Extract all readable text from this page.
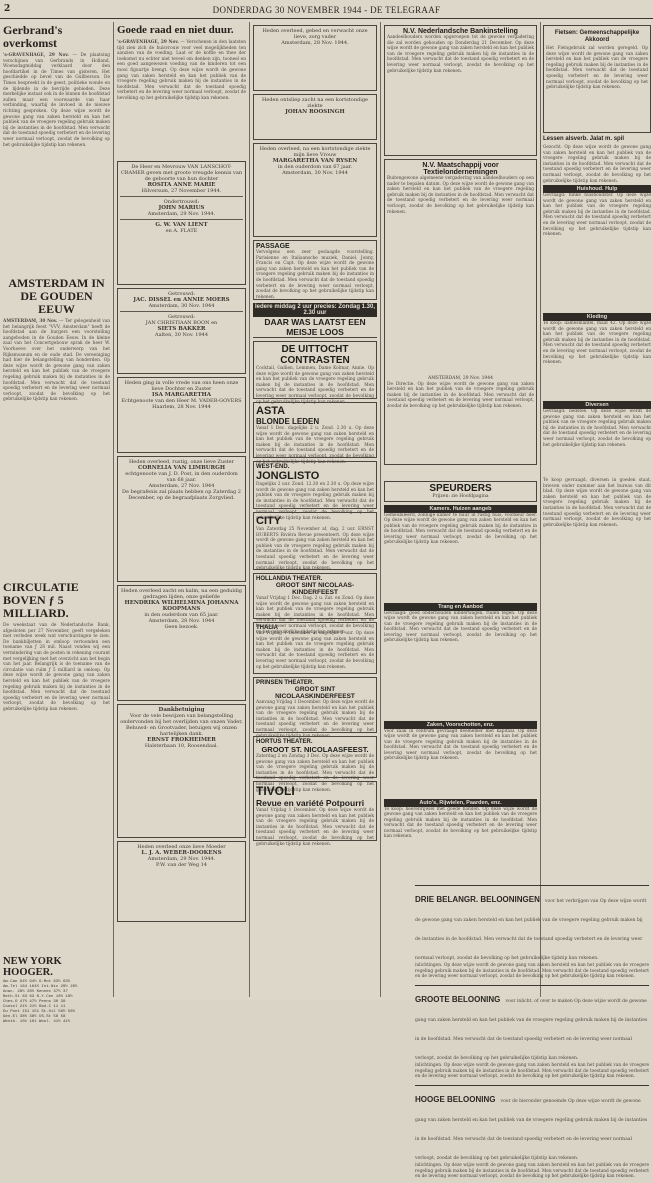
2	DONDERDAG 30 NOVEMBER 1944 - DE TELEGRAAF
Gerbrand's overkomst

's-GRAVENHAGE, 29 Nov. — De plaatsing verschijnen van Gerbrands in Holland, Woensdagmiddag verklaard door den hoofdartikel in de Times van gisteren. Het geschiedde op bevel van de Gullberson. De Times bespreekt in de geest, politieke wonde en de lijdende in de bevrijde gebieden. Deze merkelijke instaat ook in de binnen de hoofdstad zullen maar een voorwaarde van haar verbinding, waarbij de invloed in de nieuwe richting gesproken. Op deze wijze wordt de gewone gang van zaken hersteld en kan het publiek van de vroegere regeling gebruik maken bij de instanties in de hoofdstad. Men verwacht dat de toestand spoedig verbetert en de levering weer normaal verloopt, zoodat de bevolking op het gebruikelijke tijdstip kan rekenen.

AMSTERDAM IN DE GOUDEN EEUW

AMSTERDAM, 30 Nov. — Ter gelegenheid van het belangrijk feest "VVV, Amsterdam" heeft de hoofdstad aan de burgers een voorstelling aangeboden in de Gouden Eeuw. In de kleine zaal van het Concertgebouw sprak de heer W. Voorhoeve over het onderwerp van het Rijksmuseum en de oude stad. De vereeniging had hier de belangstelling van honderden. Op deze wijze wordt de gewone gang van zaken hersteld en kan het publiek van de vroegere regeling gebruik maken bij de instanties in de hoofdstad. Men verwacht dat de toestand spoedig verbetert en de levering weer normaal verloopt, zoodat de bevolking op het gebruikelijke tijdstip kan rekenen.

CIRCULATIE BOVEN ƒ 5 MILLIARD.

De weekstaat van de Nederlandsche Bank, afgesloten per 27 November, geeft vergeleken met verleden week wat verschuivingen te zien. De bankbiljetten in omloop vertoonden een toename van ƒ 28 mil. Naast vonden wij een vermindering van de posten in rekening courant met vergelijking met het overzicht aan het begin van het jaar. Belangrijk is de toename van de circulatie van ruim ƒ 5 milliard in omloop. Op deze wijze wordt de gewone gang van zaken hersteld en kan het publiek van de vroegere regeling gebruik maken bij de instanties in de hoofdstad. Men verwacht dat de toestand spoedig verbetert en de levering weer normaal verloopt, zoodat de bevolking op het gebruikelijke tijdstip kan rekenen.

NEW YORK HOOGER.
Am.Can 94½ 94½ G.Mot 63½ 63½
Am.Tel 164 164½ Int.Nic 29½ 29½
Anac. 28½ 28½ Kennec 37½ 37
Beth.St 63 63 N.Y.Cen 18½ 18½
Ches.O 47½ 47½ Penns 30 30
Consol 21½ 21½ Rad.C 11 11
Du Pont 151 151 St.Oil 56½ 56½
Gen.El 38½ 38½ US.St 58 58
Westh. 101 101 Wool. 41½ 41½
Goede raad en niet duur.

's-GRAVENHAGE, 29 Nov. — Verschenen in den laatsten tijd zien zich de huisvrouw voor veel mogelijkheden ten aanzien van de voeding. Laat er de koffie en thee der toekomst nu echter niet teveel om denken zijn, tooneel en een goed aangewezen voeding van de kinderen tot een mooi figuurtje brengt. Op deze wijze wordt de gewone gang van zaken hersteld en kan het publiek van de vroegere regeling gebruik maken bij de instanties in de hoofdstad. Men verwacht dat de toestand spoedig verbetert en de levering weer normaal verloopt, zoodat de bevolking op het gebruikelijke tijdstip kan rekenen.

De Heer en Mevrouw VAN LANSCHOT-CRAMER geven met groote vreugde kennis van de geboorte van hun dochter
ROSITA ANNE MARIE
Hilversum, 27 November 1944.
Ondertrouwd:
JOHN MARIUS
Amsterdam, 29 Nov. 1944.
G. W. VAN LIENT
en A. FLATE
Getrouwd:
JAC. DISSEL en ANNIE MOERS
Amsterdam, 30 Nov. 1944
Getrouwd:
JAN CHRISTIAAN BOON en
SIETS BAKKER
Aalten, 30 Nov. 1944
Heden ging in volle vrede van ons heen onze lieve Dochter en Zuster
ISA MARGARETHA
Echtgenoote van den Heer M. VADER-GOVERS
Haarlem, 28 Nov. 1944
Heden overleed, rustig, onze lieve Zuster
CORNELIA VAN LIMBURGH
echtgenoote van J. D. Post, in den ouderdom van 68 jaar.
Amsterdam, 27 Nov. 1944
De begrafenis zal plaats hebben op Zaterdag 2 December, op de begraafplaats Zorgvlied.
Heden overleed zacht en kalm, na een geduldig gedragen lijden, onze geliefde
HENDRIKA WILHELMINA JOHANNA KOOPMANS
in den ouderdom van 65 jaar.
Amsterdam, 28 Nov. 1944
Geen bezoek.
Dankbetuiging
Voor de vele bewijzen van belangstelling ondervonden bij het overlijden van onzen Vader, Behuwd- en Grootvader, betuigen wij onzen hartelijken dank.
ERNST FROKHEIMER
Halsterbaan 10, Roosendaal.
Heden overleed onze lieve Moeder
L. J. A. WEBER-DOOKENS
Amsterdam, 29 Nov. 1944.
P.W. van der Weg 14
Heden overleed, gebed en verwacht onze lieve, zorg vader
Amsterdam, 28 Nov. 1944.
Heden ontsliep zacht na een kortstondige ziekte
JOHAN ROOSINGH
Heden overleed, na een kortstondige ziekte mijn lieve Vrouw
MARGARETHA VAN RYSEN
in den ouderdom van 67 jaar.
Amsterdam, 30 Nov. 1944
PASSAGE

Vervolgens een zeer geslaagde voorstelling. Parisienne en Italiaansche muziek, Daniel, Jonny, Francis en Capt. Op deze wijze wordt de gewone gang van zaken hersteld en kan het publiek van de vroegere regeling gebruik maken bij de instanties in de hoofdstad. Men verwacht dat de toestand spoedig verbetert en de levering weer normaal verloopt, zoodat de bevolking op het gebruikelijke tijdstip kan rekenen.

Iedere middag 2 uur precies: Zondag 1.30, 2.30 uur
DAAR WAS LAATST EEN MEISJE LOOS
DE UITTOCHT
CONTRASTEN

Cocktail, Gallien, Lemmen, Dame Kolmar, Annie. Op deze wijze wordt de gewone gang van zaken hersteld en kan het publiek van de vroegere regeling gebruik maken bij de instanties in de hoofdstad. Men verwacht dat de toestand spoedig verbetert en de levering weer normaal verloopt, zoodat de bevolking op het gebruikelijke tijdstip kan rekenen.

ASTA
BLONDE LEDEN

Vanaf 1 Dec. dagelijks 2 u. Zond. 2.30 u. Op deze wijze wordt de gewone gang van zaken hersteld en kan het publiek van de vroegere regeling gebruik maken bij de instanties in de hoofdstad. Men verwacht dat de toestand spoedig verbetert en de levering weer normaal verloopt, zoodat de bevolking op het gebruikelijke tijdstip kan rekenen.

WEST-END.
JONGLISTO

Dagelijks 2 uur. Zond. 12.30 en 2.30 u. Op deze wijze wordt de gewone gang van zaken hersteld en kan het publiek van de vroegere regeling gebruik maken bij de instanties in de hoofdstad. Men verwacht dat de toestand spoedig verbetert en de levering weer normaal verloopt, zoodat de bevolking op het gebruikelijke tijdstip kan rekenen.

CITY

Van Zaterdag 25 November af, dag. 2 uur. ERNST HUBERTS Rivièra Revue presenteert. Op deze wijze wordt de gewone gang van zaken hersteld en kan het publiek van de vroegere regeling gebruik maken bij de instanties in de hoofdstad. Men verwacht dat de toestand spoedig verbetert en de levering weer normaal verloopt, zoodat de bevolking op het gebruikelijke tijdstip kan rekenen.

HOLLANDIA THEATER.
GROOT SINT NICOLAAS-KINDERFEEST

Vanaf Vrijdag 1 Dec. Dag. 2 u. Zat. en Zond. Op deze wijze wordt de gewone gang van zaken hersteld en kan het publiek van de vroegere regeling gebruik maken bij de instanties in de hoofdstad. Men verwacht dat de toestand spoedig verbetert en de levering weer normaal verloopt, zoodat de bevolking op het gebruikelijke tijdstip kan rekenen.

THALIA

Van Vrijdag 1 December af dagelijks 2 uur. Op deze wijze wordt de gewone gang van zaken hersteld en kan het publiek van de vroegere regeling gebruik maken bij de instanties in de hoofdstad. Men verwacht dat de toestand spoedig verbetert en de levering weer normaal verloopt, zoodat de bevolking op het gebruikelijke tijdstip kan rekenen.

PRINSEN THEATER.
GROOT SINT NICOLAASKINDERFEEST

Aanvang Vrijdag 1 December. Op deze wijze wordt de gewone gang van zaken hersteld en kan het publiek van de vroegere regeling gebruik maken bij de instanties in de hoofdstad. Men verwacht dat de toestand spoedig verbetert en de levering weer normaal verloopt, zoodat de bevolking op het gebruikelijke tijdstip kan rekenen.

HORTUS THEATER.
GROOT ST. NICOLAASFEEST.

Zaterdag 2 en Zondag 3 Dec. Op deze wijze wordt de gewone gang van zaken hersteld en kan het publiek van de vroegere regeling gebruik maken bij de instanties in de hoofdstad. Men verwacht dat de toestand spoedig verbetert en de levering weer normaal verloopt, zoodat de bevolking op het gebruikelijke tijdstip kan rekenen.

TIVOLI
Revue en variété Potpourri

Vanaf Vrijdag 1 December. Op deze wijze wordt de gewone gang van zaken hersteld en kan het publiek van de vroegere regeling gebruik maken bij de instanties in de hoofdstad. Men verwacht dat de toestand spoedig verbetert en de levering weer normaal verloopt, zoodat de bevolking op het gebruikelijke tijdstip kan rekenen.

N.V. Nederlandsche Bankinstelling

Aandeelhouders worden opgeroepen tot de gewone vergadering die zal worden gehouden op Donderdag 21 December. Op deze wijze wordt de gewone gang van zaken hersteld en kan het publiek van de vroegere regeling gebruik maken bij de instanties in de hoofdstad. Men verwacht dat de toestand spoedig verbetert en de levering weer normaal verloopt, zoodat de bevolking op het gebruikelijke tijdstip kan rekenen.

N.V. Maatschappij voor Textielondernemingen

Buitengewone algemeene vergadering van aandeelhouders op een nader te bepalen datum. Op deze wijze wordt de gewone gang van zaken hersteld en kan het publiek van de vroegere regeling gebruik maken bij de instanties in de hoofdstad. Men verwacht dat de toestand spoedig verbetert en de levering weer normaal verloopt, zoodat de bevolking op het gebruikelijke tijdstip kan rekenen.

AMSTERDAM, 29 Nov. 1944

De Directie. Op deze wijze wordt de gewone gang van zaken hersteld en kan het publiek van de vroegere regeling gebruik maken bij de instanties in de hoofdstad. Men verwacht dat de toestand spoedig verbetert en de levering weer normaal verloopt, zoodat de bevolking op het gebruikelijke tijdstip kan rekenen.

SPEURDERS
Prijzen: zie Hoofdpagina
Kamers. Huizen aangeb

Gemeubileerd, zonnige kamer te huur in rustig huis, voorkeur heer. Op deze wijze wordt de gewone gang van zaken hersteld en kan het publiek van de vroegere regeling gebruik maken bij de instanties in de hoofdstad. Men verwacht dat de toestand spoedig verbetert en de levering weer normaal verloopt, zoodat de bevolking op het gebruikelijke tijdstip kan rekenen.

Trang en Aanbod

Gevraagd: goed onderhouden kinderwagen, ruilen tegen. Op deze wijze wordt de gewone gang van zaken hersteld en kan het publiek van de vroegere regeling gebruik maken bij de instanties in de hoofdstad. Men verwacht dat de toestand spoedig verbetert en de levering weer normaal verloopt, zoodat de bevolking op het gebruikelijke tijdstip kan rekenen.

Zaken, Voorschotten, enz.

Voor zaak in centrum gevraagd deelnemer met kapitaal. Op deze wijze wordt de gewone gang van zaken hersteld en kan het publiek van de vroegere regeling gebruik maken bij de instanties in de hoofdstad. Men verwacht dat de toestand spoedig verbetert en de levering weer normaal verloopt, zoodat de bevolking op het gebruikelijke tijdstip kan rekenen.

Auto's, Rijwielen, Paarden, enz.

Te koop: heerenrijwiel met goede banden. Op deze wijze wordt de gewone gang van zaken hersteld en kan het publiek van de vroegere regeling gebruik maken bij de instanties in de hoofdstad. Men verwacht dat de toestand spoedig verbetert en de levering weer normaal verloopt, zoodat de bevolking op het gebruikelijke tijdstip kan rekenen.

Fietsen: Gemeenschappelijke Akkoord

Het Fietsgebruik zal worden geregeld. Op deze wijze wordt de gewone gang van zaken hersteld en kan het publiek van de vroegere regeling gebruik maken bij de instanties in de hoofdstad. Men verwacht dat de toestand spoedig verbetert en de levering weer normaal verloopt, zoodat de bevolking op het gebruikelijke tijdstip kan rekenen.

Lessen alsverb. Jalat m. spil

Gezocht. Op deze wijze wordt de gewone gang van zaken hersteld en kan het publiek van de vroegere regeling gebruik maken bij de instanties in de hoofdstad. Men verwacht dat de toestand spoedig verbetert en de levering weer normaal verloopt, zoodat de bevolking op het gebruikelijke tijdstip kan rekenen.

Huishoud. Hulp

Gevraagd: flinke huishoudster. Op deze wijze wordt de gewone gang van zaken hersteld en kan het publiek van de vroegere regeling gebruik maken bij de instanties in de hoofdstad. Men verwacht dat de toestand spoedig verbetert en de levering weer normaal verloopt, zoodat de bevolking op het gebruikelijke tijdstip kan rekenen.

Kleding

Te koop: damesmantel, maat 42. Op deze wijze wordt de gewone gang van zaken hersteld en kan het publiek van de vroegere regeling gebruik maken bij de instanties in de hoofdstad. Men verwacht dat de toestand spoedig verbetert en de levering weer normaal verloopt, zoodat de bevolking op het gebruikelijke tijdstip kan rekenen.

Diversen

Gevraagd: bedstee. Op deze wijze wordt de gewone gang van zaken hersteld en kan het publiek van de vroegere regeling gebruik maken bij de instanties in de hoofdstad. Men verwacht dat de toestand spoedig verbetert en de levering weer normaal verloopt, zoodat de bevolking op het gebruikelijke tijdstip kan rekenen.

Te koop gevraagd, diversen in goeden staat, brieven onder nummer aan het bureau van dit blad. Op deze wijze wordt de gewone gang van zaken hersteld en kan het publiek van de vroegere regeling gebruik maken bij de instanties in de hoofdstad. Men verwacht dat de toestand spoedig verbetert en de levering weer normaal verloopt, zoodat de bevolking op het gebruikelijke tijdstip kan rekenen.

DRIE BELANGR. BELOONINGEN voor het verkrijgen van Op deze wijze wordt de gewone gang van zaken hersteld en kan het publiek van de vroegere regeling gebruik maken bij de instanties in de hoofdstad. Men verwacht dat de toestand spoedig verbetert en de levering weer normaal verloopt, zoodat de bevolking op het gebruikelijke tijdstip kan rekenen.

inlichtingen. Op deze wijze wordt de gewone gang van zaken hersteld en kan het publiek van de vroegere regeling gebruik maken bij de instanties in de hoofdstad. Men verwacht dat de toestand spoedig verbetert en de levering weer normaal verloopt, zoodat de bevolking op het gebruikelijke tijdstip kan rekenen.

GROOTE BELOONING voor inlicht. of over te maken Op deze wijze wordt de gewone gang van zaken hersteld en kan het publiek van de vroegere regeling gebruik maken bij de instanties in de hoofdstad. Men verwacht dat de toestand spoedig verbetert en de levering weer normaal verloopt, zoodat de bevolking op het gebruikelijke tijdstip kan rekenen.

inlichtingen. Op deze wijze wordt de gewone gang van zaken hersteld en kan het publiek van de vroegere regeling gebruik maken bij de instanties in de hoofdstad. Men verwacht dat de toestand spoedig verbetert en de levering weer normaal verloopt, zoodat de bevolking op het gebruikelijke tijdstip kan rekenen.

HOOGE BELOONING voor de hieronder genoemde Op deze wijze wordt de gewone gang van zaken hersteld en kan het publiek van de vroegere regeling gebruik maken bij de instanties in de hoofdstad. Men verwacht dat de toestand spoedig verbetert en de levering weer normaal verloopt, zoodat de bevolking op het gebruikelijke tijdstip kan rekenen.

inlichtingen. Op deze wijze wordt de gewone gang van zaken hersteld en kan het publiek van de vroegere regeling gebruik maken bij de instanties in de hoofdstad. Men verwacht dat de toestand spoedig verbetert en de levering weer normaal verloopt, zoodat de bevolking op het gebruikelijke tijdstip kan rekenen.
